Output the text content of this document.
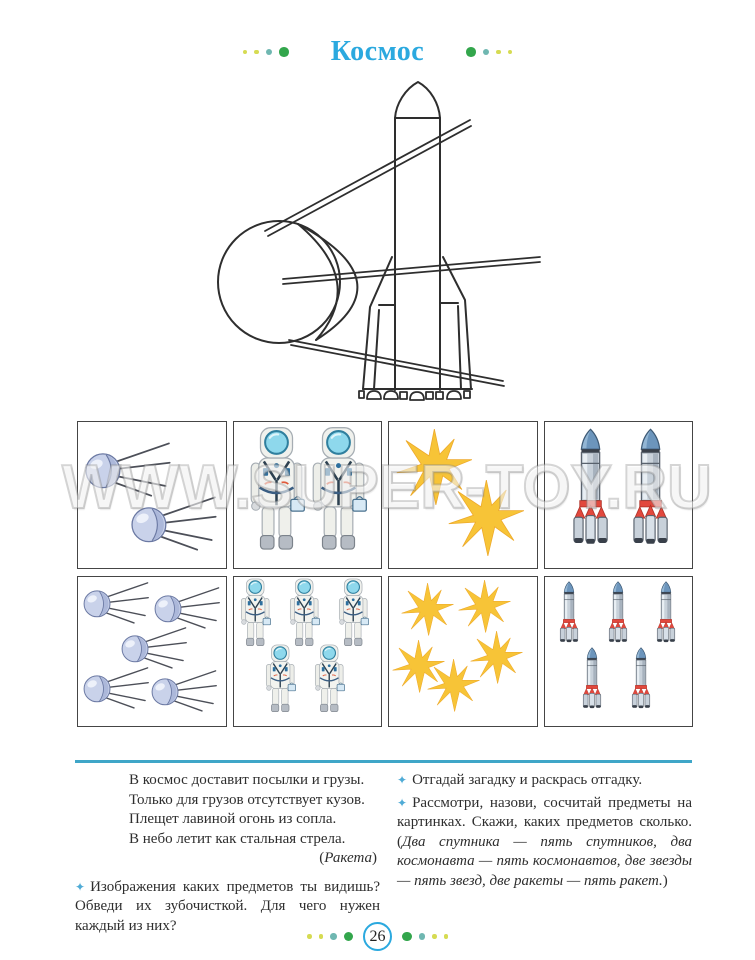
Космос
WWW.SUPER-TOY.RU
В космос доставит посылки и грузы.
Только для грузов отсутствует кузов.
Плещет лавиной огонь из сопла.
В небо летит как стальная стрела.
(Ракета)

✦ Изображения каких предметов ты видишь? Обведи их зубочисткой. Для чего нужен каждый из них?

✦ Отгадай загадку и раскрась отгадку.

✦ Рассмотри, назови, сосчитай предметы на картинках. Скажи, каких предметов сколько. (Два спутника — пять спутников, два космонавта — пять космонавтов, две звезды — пять звезд, две ракеты — пять ракет.)

26
